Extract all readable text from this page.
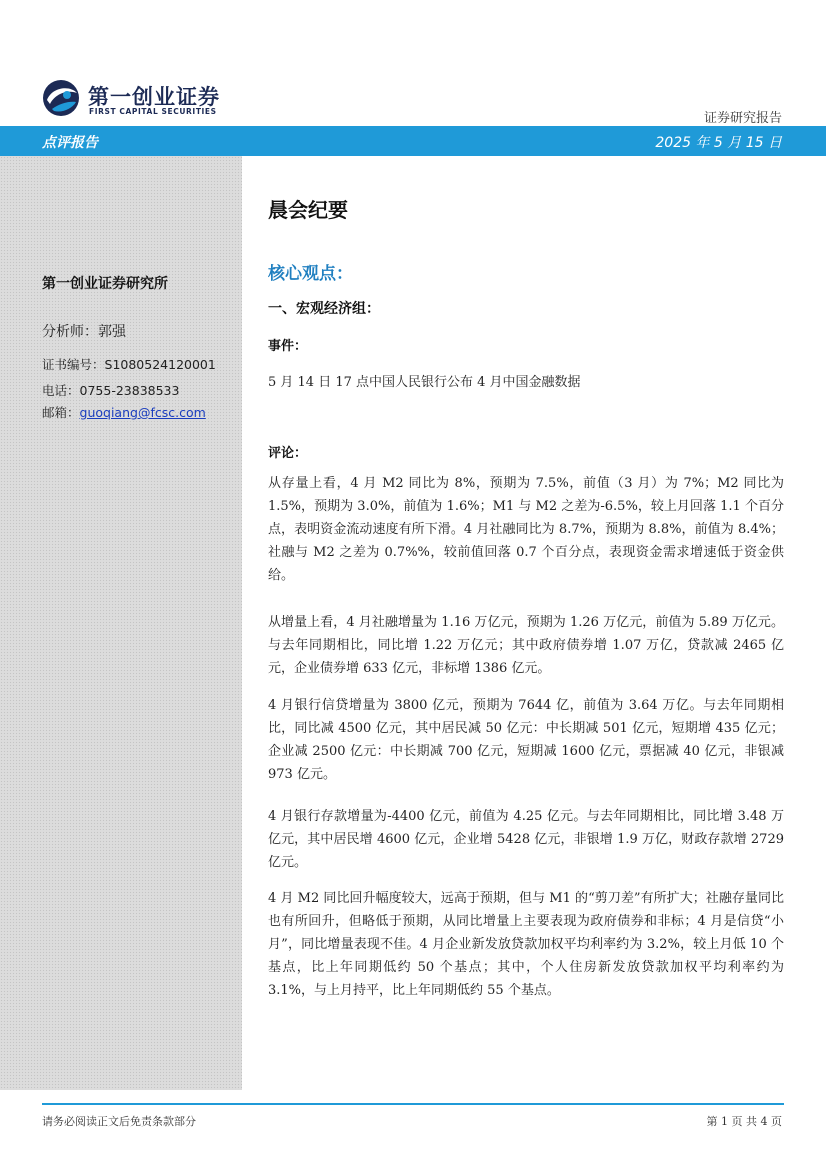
第一创业证券
FIRST CAPITAL SECURITIES	证券研究报告
点评报告	2025 年 5 月 15 日
第一创业证券研究所
分析师：郭强
证书编号：S1080524120001
电话：0755-23838533
邮箱：guoqiang@fcsc.com
晨会纪要
核心观点：
一、宏观经济组：
事件：
5 月 14 日 17 点中国人民银行公布 4 月中国金融数据
评论：

从存量上看，4 月 M2 同比为 8%，预期为 7.5%，前值（3 月）为 7%；M2 同比为 1.5%，预期为 3.0%，前值为 1.6%；M1 与 M2 之差为-6.5%，较上月回落 1.1 个百分点，表明资金流动速度有所下滑。4 月社融同比为 8.7%，预期为 8.8%，前值为 8.4%；社融与 M2 之差为 0.7%%，较前值回落 0.7 个百分点，表现资金需求增速低于资金供给。

从增量上看，4 月社融增量为 1.16 万亿元，预期为 1.26 万亿元，前值为 5.89 万亿元。与去年同期相比，同比增 1.22 万亿元；其中政府债券增 1.07 万亿，贷款减 2465 亿元，企业债券增 633 亿元，非标增 1386 亿元。

4 月银行信贷增量为 3800 亿元，预期为 7644 亿，前值为 3.64 万亿。与去年同期相比，同比减 4500 亿元，其中居民减 50 亿元：中长期减 501 亿元，短期增 435 亿元；企业减 2500 亿元：中长期减 700 亿元，短期减 1600 亿元，票据减 40 亿元，非银减 973 亿元。

4 月银行存款增量为-4400 亿元，前值为 4.25 亿元。与去年同期相比，同比增 3.48 万亿元，其中居民增 4600 亿元，企业增 5428 亿元，非银增 1.9 万亿，财政存款增 2729 亿元。

4 月 M2 同比回升幅度较大，远高于预期，但与 M1 的“剪刀差”有所扩大；社融存量同比也有所回升，但略低于预期，从同比增量上主要表现为政府债券和非标；4 月是信贷“小月”，同比增量表现不佳。4 月企业新发放贷款加权平均利率约为 3.2%，较上月低 10 个基点，比上年同期低约 50 个基点；其中，个人住房新发放贷款加权平均利率约为 3.1%，与上月持平，比上年同期低约 55 个基点。

请务必阅读正文后免责条款部分	第 1 页 共 4 页
